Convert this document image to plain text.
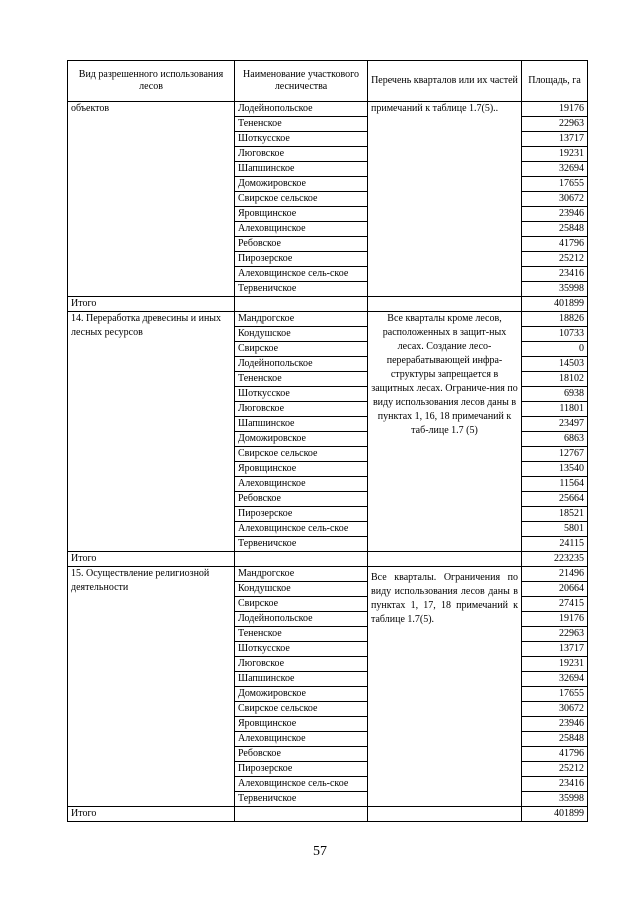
Вид разрешенного использования лесов	Наименование участкового лесничества	Перечень кварталов или их частей	Площадь, га
объектов	Лодейнопольское	примечаний к таблице 1.7(5)..	19176
	Тененское		22963
	Шоткусское		13717
	Люговское		19231
	Шапшинское		32694
	Доможировское		17655
	Свирское сельское		30672
	Яровщинское		23946
	Алеховщинское		25848
	Ребовское		41796
	Пирозерское		25212
	Алеховщинское сель-ское		23416
	Тервеничское		35998
Итого			401899
14. Переработка древесины и иных лесных ресурсов	Мандрогское	Все кварталы кроме лесов, расположенных в защит-ных лесах. Создание лесо-перерабатывающей инфра-структуры запрещается в защитных лесах. Ограниче-ния по виду использования лесов даны в пунктах 1, 16, 18 примечаний к таб-лице 1.7 (5)	18826
	Кондушское		10733
	Свирское		0
	Лодейнопольское		14503
	Тененское		18102
	Шоткусское		6938
	Люговское		11801
	Шапшинское		23497
	Доможировское		6863
	Свирское сельское		12767
	Яровщинское		13540
	Алеховщинское		11564
	Ребовское		25664
	Пирозерское		18521
	Алеховщинское сель-ское		5801
	Тервеничское		24115
Итого			223235
15. Осуществление религиозной деятельности	Мандрогское	Все кварталы. Ограничения по виду использования лесов даны в пунктах 1, 17, 18 примечаний к таблице 1.7(5).	21496
	Кондушское		20664
	Свирское		27415
	Лодейнопольское		19176
	Тененское		22963
	Шоткусское		13717
	Люговское		19231
	Шапшинское		32694
	Доможировское		17655
	Свирское сельское		30672
	Яровщинское		23946
	Алеховщинское		25848
	Ребовское		41796
	Пирозерское		25212
	Алеховщинское сель-ское		23416
	Тервеничское		35998
Итого			401899
57
